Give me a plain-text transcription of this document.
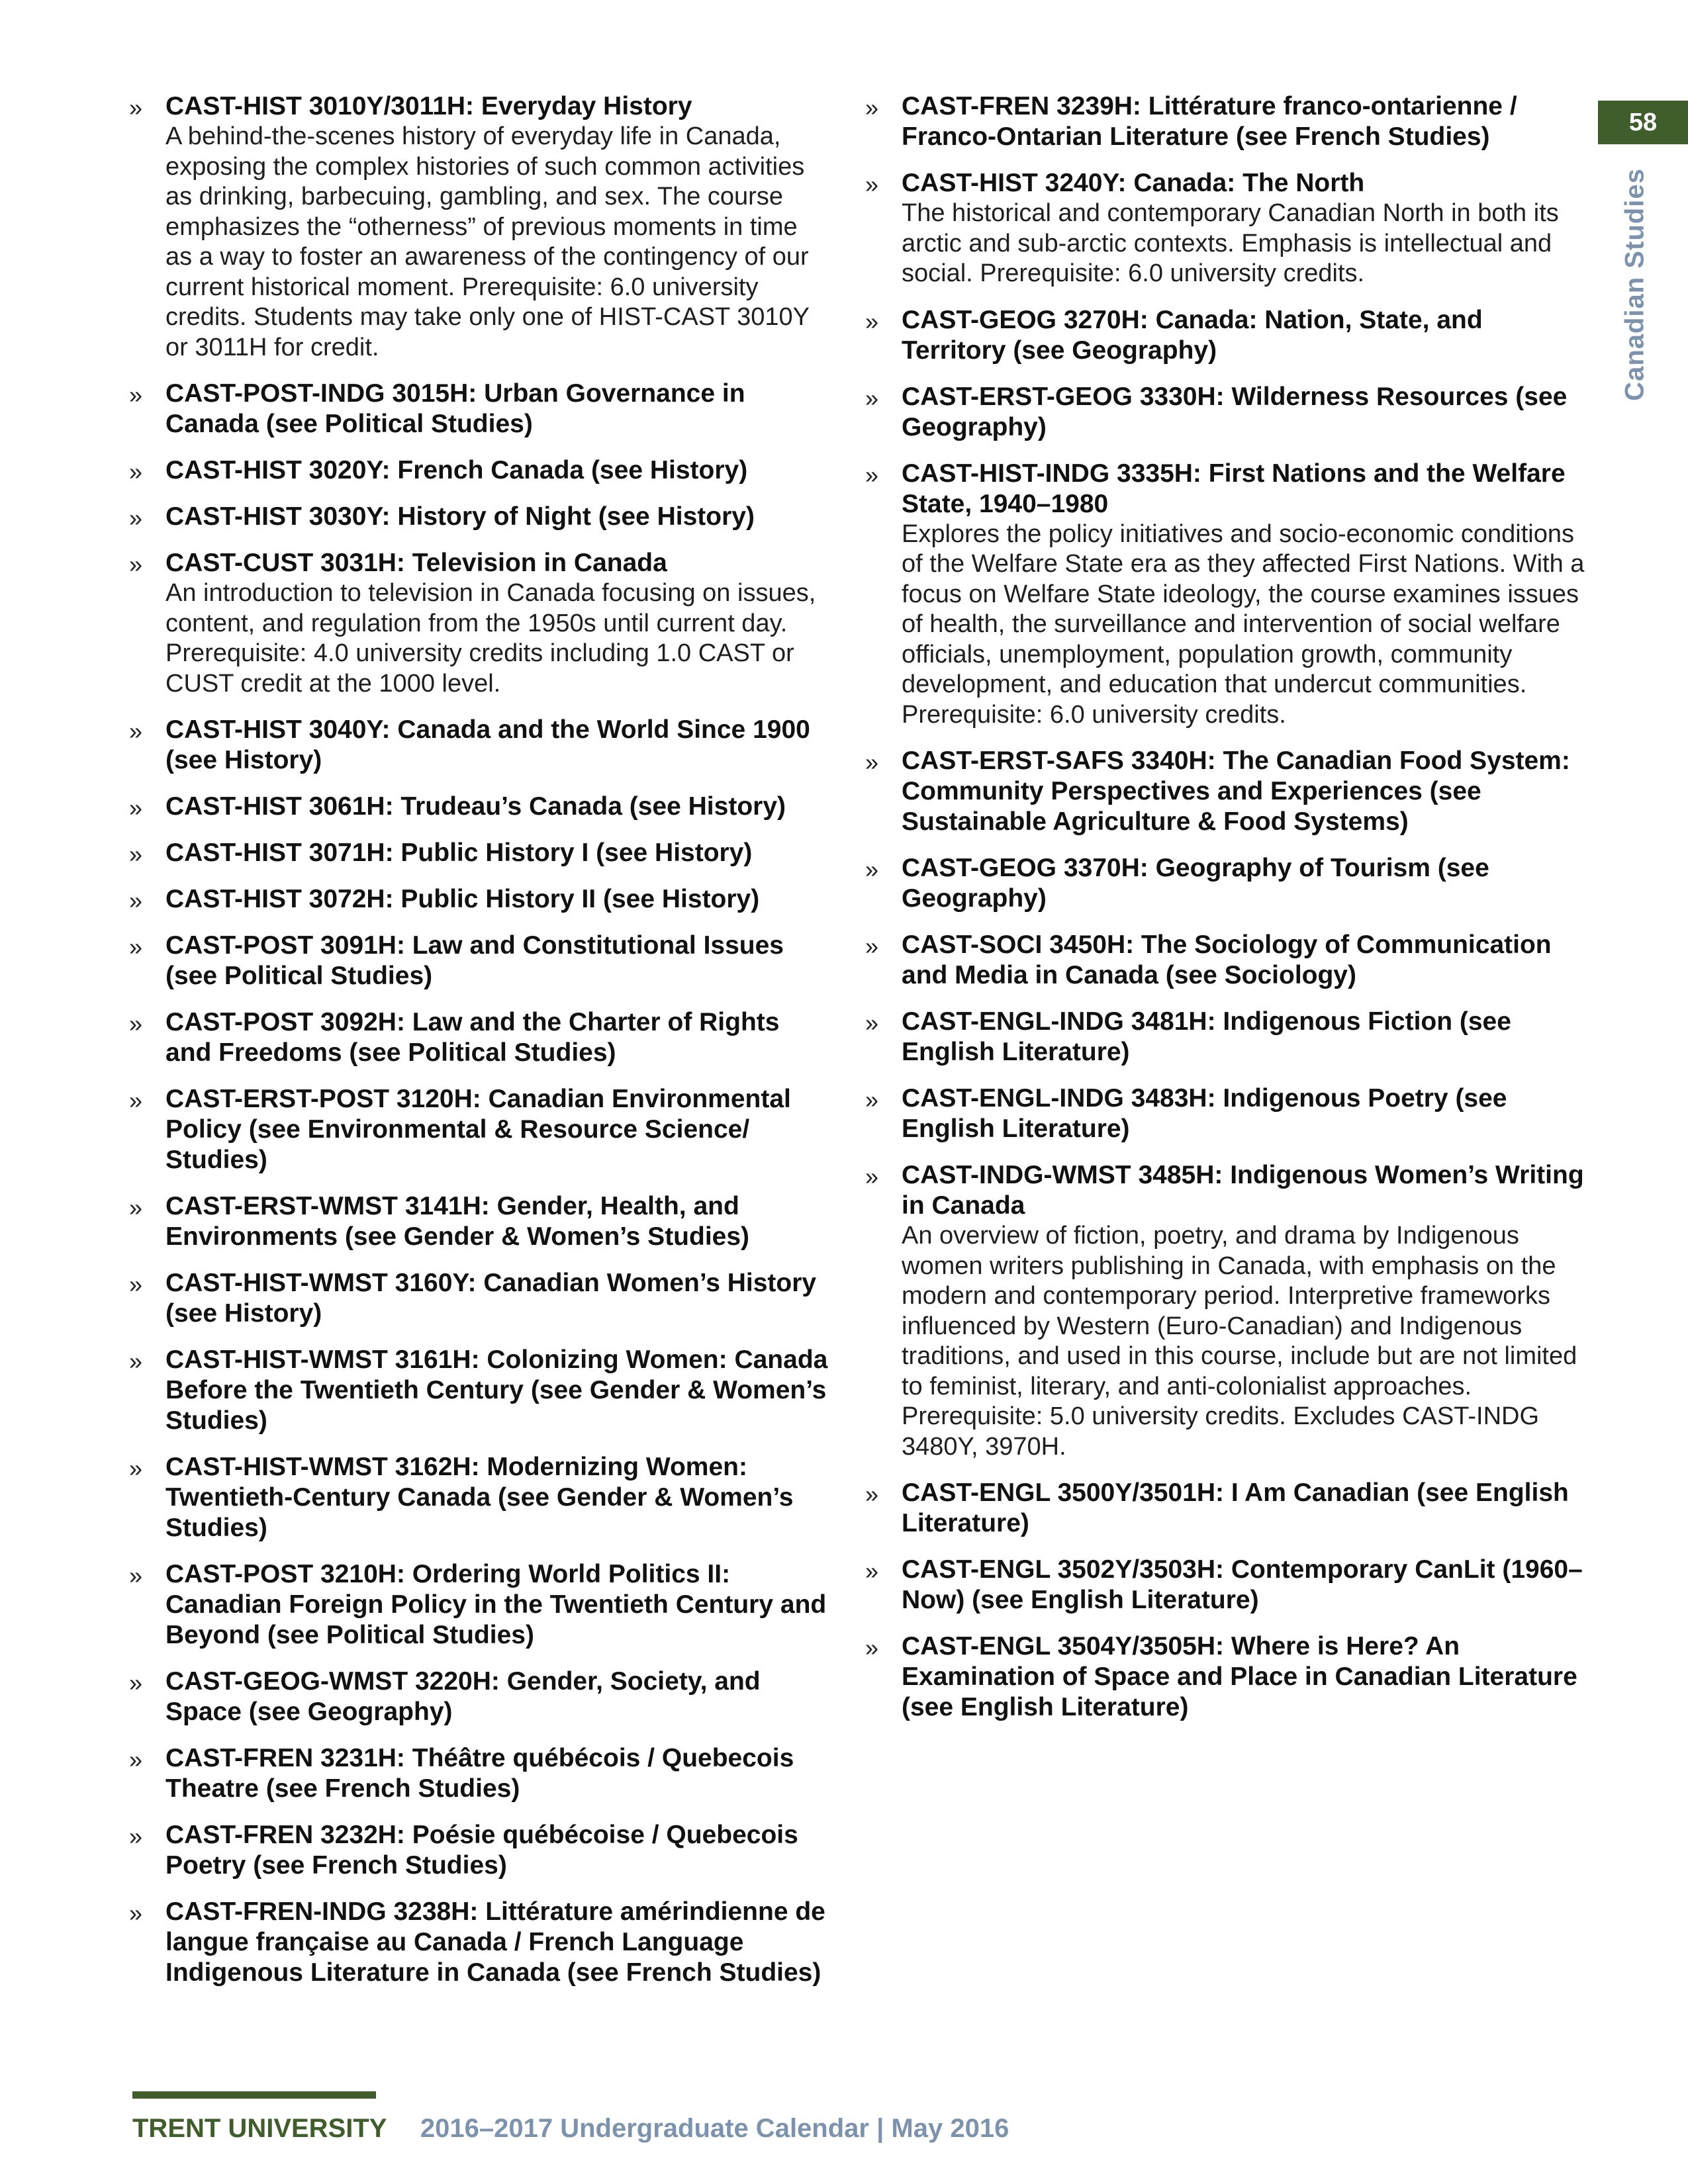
58
Canadian Studies
» CAST-HIST 3010Y/3011H: Everyday History
A behind-the-scenes history of everyday life in Canada, exposing the complex histories of such common activities as drinking, barbecuing, gambling, and sex. The course emphasizes the “otherness” of previous moments in time as a way to foster an awareness of the contingency of our current historical moment. Prerequisite: 6.0 university credits. Students may take only one of HIST-CAST 3010Y or 3011H for credit.
» CAST-POST-INDG 3015H: Urban Governance in Canada (see Political Studies)
» CAST-HIST 3020Y: French Canada (see History)
» CAST-HIST 3030Y: History of Night (see History)
» CAST-CUST 3031H: Television in Canada
An introduction to television in Canada focusing on issues, content, and regulation from the 1950s until current day. Prerequisite: 4.0 university credits including 1.0 CAST or CUST credit at the 1000 level.
» CAST-HIST 3040Y: Canada and the World Since 1900 (see History)
» CAST-HIST 3061H: Trudeau’s Canada (see History)
» CAST-HIST 3071H: Public History I (see History)
» CAST-HIST 3072H: Public History II (see History)
» CAST-POST 3091H: Law and Constitutional Issues (see Political Studies)
» CAST-POST 3092H: Law and the Charter of Rights and Freedoms (see Political Studies)
» CAST-ERST-POST 3120H: Canadian Environmental Policy (see Environmental & Resource Science/ Studies)
» CAST-ERST-WMST 3141H: Gender, Health, and Environments (see Gender & Women’s Studies)
» CAST-HIST-WMST 3160Y: Canadian Women’s History (see History)
» CAST-HIST-WMST 3161H: Colonizing Women: Canada Before the Twentieth Century (see Gender & Women’s Studies)
» CAST-HIST-WMST 3162H: Modernizing Women: Twentieth-Century Canada (see Gender & Women’s Studies)
» CAST-POST 3210H: Ordering World Politics II: Canadian Foreign Policy in the Twentieth Century and Beyond (see Political Studies)
» CAST-GEOG-WMST 3220H: Gender, Society, and Space (see Geography)
» CAST-FREN 3231H: Théâtre québécois / Quebecois Theatre (see French Studies)
» CAST-FREN 3232H: Poésie québécoise / Quebecois Poetry (see French Studies)
» CAST-FREN-INDG 3238H: Littérature amérindienne de langue française au Canada / French Language Indigenous Literature in Canada (see French Studies)
» CAST-FREN 3239H: Littérature franco-ontarienne / Franco-Ontarian Literature (see French Studies)
» CAST-HIST 3240Y: Canada: The North
The historical and contemporary Canadian North in both its arctic and sub-arctic contexts. Emphasis is intellectual and social. Prerequisite: 6.0 university credits.
» CAST-GEOG 3270H: Canada: Nation, State, and Territory (see Geography)
» CAST-ERST-GEOG 3330H: Wilderness Resources (see Geography)
» CAST-HIST-INDG 3335H: First Nations and the Welfare State, 1940–1980
Explores the policy initiatives and socio-economic conditions of the Welfare State era as they affected First Nations. With a focus on Welfare State ideology, the course examines issues of health, the surveillance and intervention of social welfare officials, unemployment, population growth, community development, and education that undercut communities. Prerequisite: 6.0 university credits.
» CAST-ERST-SAFS 3340H: The Canadian Food System: Community Perspectives and Experiences (see Sustainable Agriculture & Food Systems)
» CAST-GEOG 3370H: Geography of Tourism (see Geography)
» CAST-SOCI 3450H: The Sociology of Communication and Media in Canada (see Sociology)
» CAST-ENGL-INDG 3481H: Indigenous Fiction (see English Literature)
» CAST-ENGL-INDG 3483H: Indigenous Poetry (see English Literature)
» CAST-INDG-WMST 3485H: Indigenous Women’s Writing in Canada
An overview of fiction, poetry, and drama by Indigenous women writers publishing in Canada, with emphasis on the modern and contemporary period. Interpretive frameworks influenced by Western (Euro-Canadian) and Indigenous traditions, and used in this course, include but are not limited to feminist, literary, and anti-colonialist approaches. Prerequisite: 5.0 university credits. Excludes CAST-INDG 3480Y, 3970H.
» CAST-ENGL 3500Y/3501H: I Am Canadian (see English Literature)
» CAST-ENGL 3502Y/3503H: Contemporary CanLit (1960–Now) (see English Literature)
» CAST-ENGL 3504Y/3505H: Where is Here? An Examination of Space and Place in Canadian Literature (see English Literature)
TRENT UNIVERSITY 2016–2017 Undergraduate Calendar | May 2016
